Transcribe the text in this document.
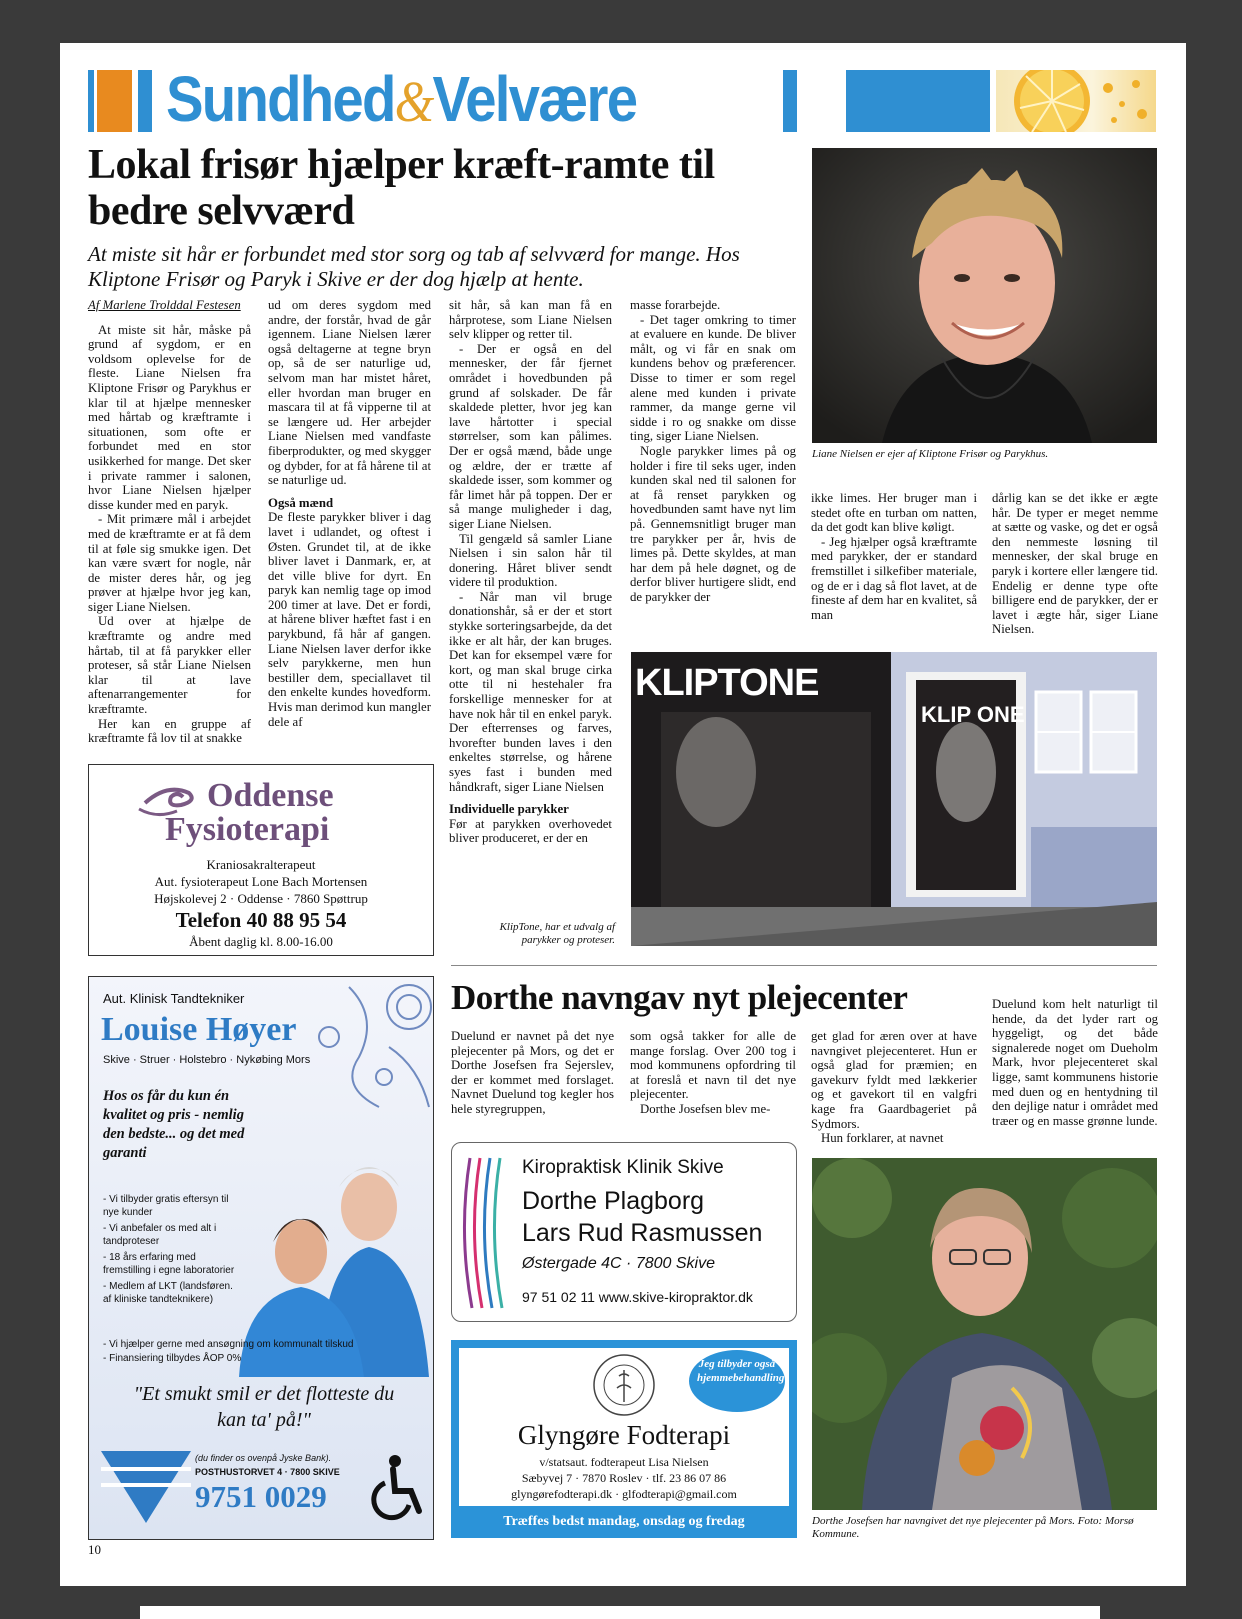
Sundhed&Velvære
Lokal frisør hjælper kræft-ramte til bedre selvværd
At miste sit hår er forbundet med stor sorg og tab af selvværd for mange. Hos Kliptone Frisør og Paryk i Skive er der dog hjælp at hente.

Af Marlene Trolddal Festesen

At miste sit hår, måske på grund af sygdom, er en voldsom oplevelse for de fleste. Liane Nielsen fra Kliptone Frisør og Parykhus er klar til at hjælpe mennesker med hårtab og kræftramte i situationen, som ofte er forbundet med en stor usikkerhed for mange. Det sker i private rammer i salonen, hvor Liane Nielsen hjælper disse kunder med en paryk.

- Mit primære mål i arbejdet med de kræftramte er at få dem til at føle sig smukke igen. Det kan være svært for nogle, når de mister deres hår, og jeg prøver at hjælpe hvor jeg kan, siger Liane Nielsen.

Ud over at hjælpe de kræftramte og andre med hårtab, til at få parykker eller proteser, så står Liane Nielsen klar til at lave aftenarrangementer for kræftramte.

Her kan en gruppe af kræftramte få lov til at snakke

ud om deres sygdom med andre, der forstår, hvad de går igennem. Liane Nielsen lærer også deltagerne at tegne bryn op, så de ser naturlige ud, selvom man har mistet håret, eller hvordan man bruger en mascara til at få vipperne til at se længere ud. Her arbejder Liane Nielsen med vandfaste fiberprodukter, og med skygger og dybder, for at få hårene til at se naturlige ud.

Også mænd

De fleste parykker bliver i dag lavet i udlandet, og oftest i Østen. Grundet til, at de ikke bliver lavet i Danmark, er, at det ville blive for dyrt. En paryk kan nemlig tage op imod 200 timer at lave. Det er fordi, at hårene bliver hæftet fast i en parykbund, få hår af gangen. Liane Nielsen laver derfor ikke selv parykkerne, men hun bestiller dem, speciallavet til den enkelte kundes hovedform. Hvis man derimod kun mangler dele af

sit hår, så kan man få en hårprotese, som Liane Nielsen selv klipper og retter til.

- Der er også en del mennesker, der får fjernet området i hovedbunden på grund af solskader. De får skaldede pletter, hvor jeg kan lave hårtotter i special størrelser, som kan pålimes. Der er også mænd, både unge og ældre, der er trætte af skaldede isser, som kommer og får limet hår på toppen. Der er så mange muligheder i dag, siger Liane Nielsen.

Til gengæld så samler Liane Nielsen i sin salon hår til donering. Håret bliver sendt videre til produktion.

- Når man vil bruge donationshår, så er der et stort stykke sorteringsarbejde, da det ikke er alt hår, der kan bruges. Det kan for eksempel være for kort, og man skal bruge cirka otte til ni hestehaler fra forskellige mennesker for at have nok hår til en enkel paryk. Der efterrenses og farves, hvorefter bunden laves i den enkeltes størrelse, og hårene syes fast i bunden med håndkraft, siger Liane Nielsen

Individuelle parykker

Før at parykken overhovedet bliver produceret, er der en

masse forarbejde.

- Det tager omkring to timer at evaluere en kunde. De bliver målt, og vi får en snak om kundens behov og præferencer. Disse to timer er som regel alene med kunden i private rammer, da mange gerne vil sidde i ro og snakke om disse ting, siger Liane Nielsen.

Nogle parykker limes på og holder i fire til seks uger, inden kunden skal ned til salonen for at få renset parykken og hovedbunden samt have nyt lim på. Gennemsnitligt bruger man tre parykker per år, hvis de limes på. Dette skyldes, at man har dem på hele døgnet, og de derfor bliver hurtigere slidt, end de parykker der

ikke limes. Her bruger man i stedet ofte en turban om natten, da det godt kan blive køligt.

- Jeg hjælper også kræftramte med parykker, der er standard fremstillet i silkefiber materiale, og de er i dag så flot lavet, at de fineste af dem har en kvalitet, så man

dårlig kan se det ikke er ægte hår. De typer er meget nemme at sætte og vaske, og det er også den nemmeste løsning til mennesker, der skal bruge en paryk i kortere eller længere tid. Endelig er denne type ofte billigere end de parykker, der er lavet i ægte hår, siger Liane Nielsen.

Liane Nielsen er ejer af Kliptone Frisør og Parykhus.
KLIPTONE
KLIP ONE
KlipTone, har et udvalg af parykker og proteser.
Oddense
Fysioterapi
Kraniosakralterapeut
Aut. fysioterapeut Lone Bach Mortensen
Højskolevej 2 · Oddense · 7860 Spøttrup
Telefon 40 88 95 54
Åbent daglig kl. 8.00-16.00
Aut. Klinisk Tandtekniker
Louise Høyer
Skive · Struer · Holstebro · Nykøbing Mors
Hos os får du kun én kvalitet og pris - nemlig den bedste... og det med garanti
- Vi tilbyder gratis eftersyn til nye kunder
- Vi anbefaler os med alt i tandproteser
- 18 års erfaring med fremstilling i egne laboratorier
- Medlem af LKT (landsføren. af kliniske tandteknikere)
- Vi hjælper gerne med ansøgning om kommunalt tilskud
- Finansiering tilbydes ÅOP 0%
"Et smukt smil er det flotteste du kan ta' på!"
(du finder os ovenpå Jyske Bank).
POSTHUSTORVET 4 · 7800 SKIVE
9751 0029
10
Dorthe navngav nyt plejecenter

Duelund er navnet på det nye plejecenter på Mors, og det er Dorthe Josefsen fra Sejerslev, der er kommet med forslaget. Navnet Duelund tog kegler hos hele styregruppen,

som også takker for alle de mange forslag. Over 200 tog i mod kommunens opfordring til at foreslå et navn til det nye plejecenter.

Dorthe Josefsen blev me-

get glad for æren over at have navngivet plejecenteret. Hun er også glad for præmien; en gavekurv fyldt med lækkerier og et gavekort til en valgfri kage fra Gaardbageriet på Sydmors.

Hun forklarer, at navnet

Duelund kom helt naturligt til hende, da det lyder rart og hyggeligt, og det både signalerede noget om Dueholm Mark, hvor plejecenteret skal ligge, samt kommunens historie med duen og en hentydning til den dejlige natur i området med træer og en masse grønne lunde.

Kiropraktisk Klinik Skive
Dorthe Plagborg
Lars Rud Rasmussen
Østergade 4C · 7800 Skive
97 51 02 11 www.skive-kiropraktor.dk
Jeg tilbyder også hjemmebehandling
Glyngøre Fodterapi
v/statsaut. fodterapeut Lisa Nielsen
Sæbyvej 7 · 7870 Roslev · tlf. 23 86 07 86
glyngørefodterapi.dk · glfodterapi@gmail.com
Træffes bedst mandag, onsdag og fredag	Dorthe Josefsen har navngivet det nye plejecenter på Mors. Foto: Morsø Kommune.
